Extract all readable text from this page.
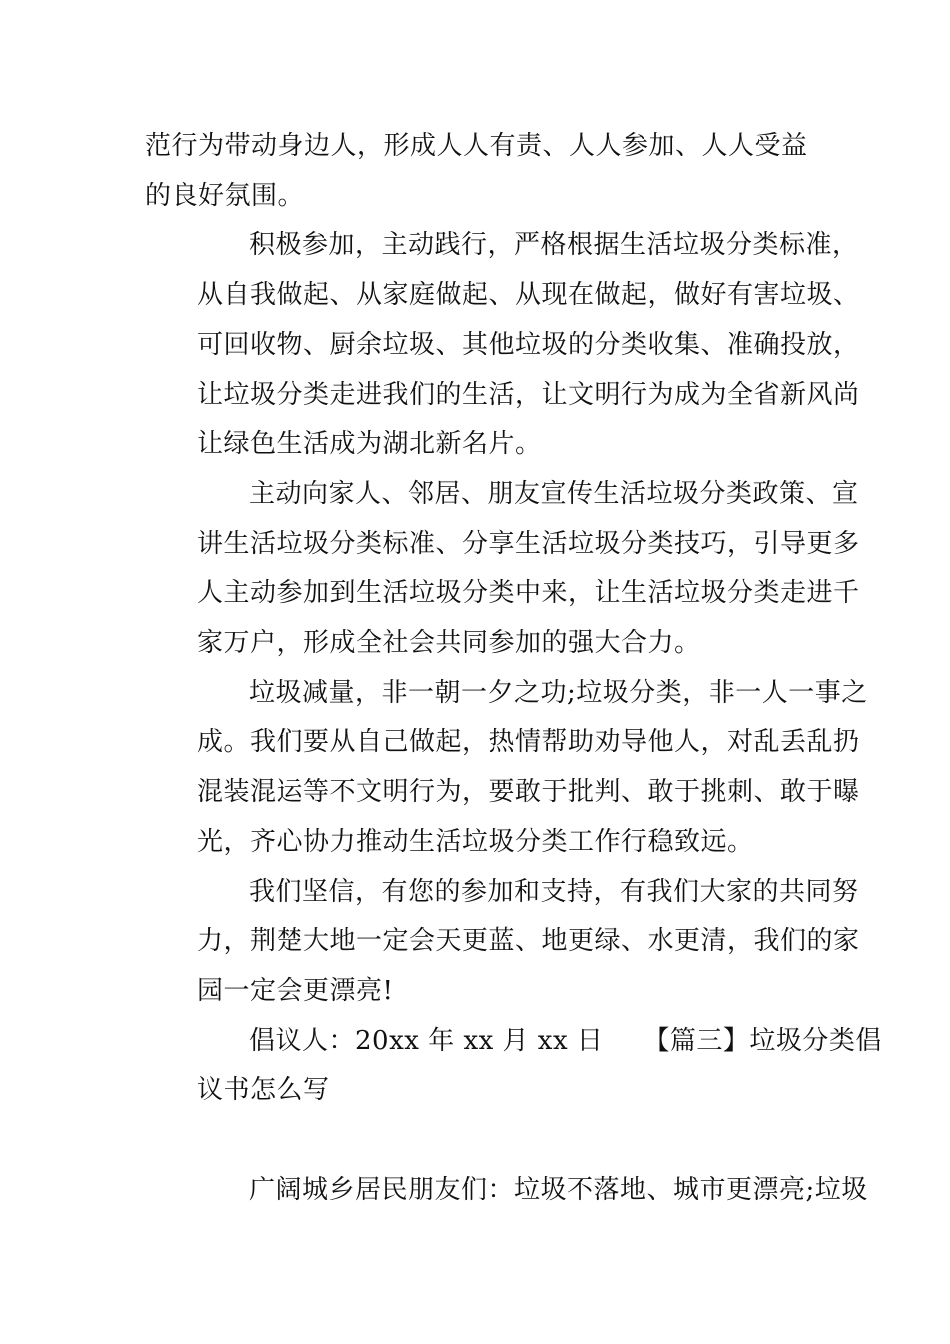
范行为带动身边人，形成人人有责、人人参加、人人受益
的良好氛围。
积极参加，主动践行，严格根据生活垃圾分类标准，
从自我做起、从家庭做起、从现在做起，做好有害垃圾、
可回收物、厨余垃圾、其他垃圾的分类收集、准确投放，
让垃圾分类走进我们的生活，让文明行为成为全省新风尚
让绿色生活成为湖北新名片。
主动向家人、邻居、朋友宣传生活垃圾分类政策、宣
讲生活垃圾分类标准、分享生活垃圾分类技巧，引导更多
人主动参加到生活垃圾分类中来，让生活垃圾分类走进千
家万户，形成全社会共同参加的强大合力。
垃圾减量，非一朝一夕之功;垃圾分类，非一人一事之
成。我们要从自己做起，热情帮助劝导他人，对乱丢乱扔
混装混运等不文明行为，要敢于批判、敢于挑刺、敢于曝
光，齐心协力推动生活垃圾分类工作行稳致远。
我们坚信，有您的参加和支持，有我们大家的共同努
力，荆楚大地一定会天更蓝、地更绿、水更清，我们的家
园一定会更漂亮!
倡议人：20xx 年 xx 月 xx 日　　【篇三】垃圾分类倡
议书怎么写
广阔城乡居民朋友们：垃圾不落地、城市更漂亮;垃圾
